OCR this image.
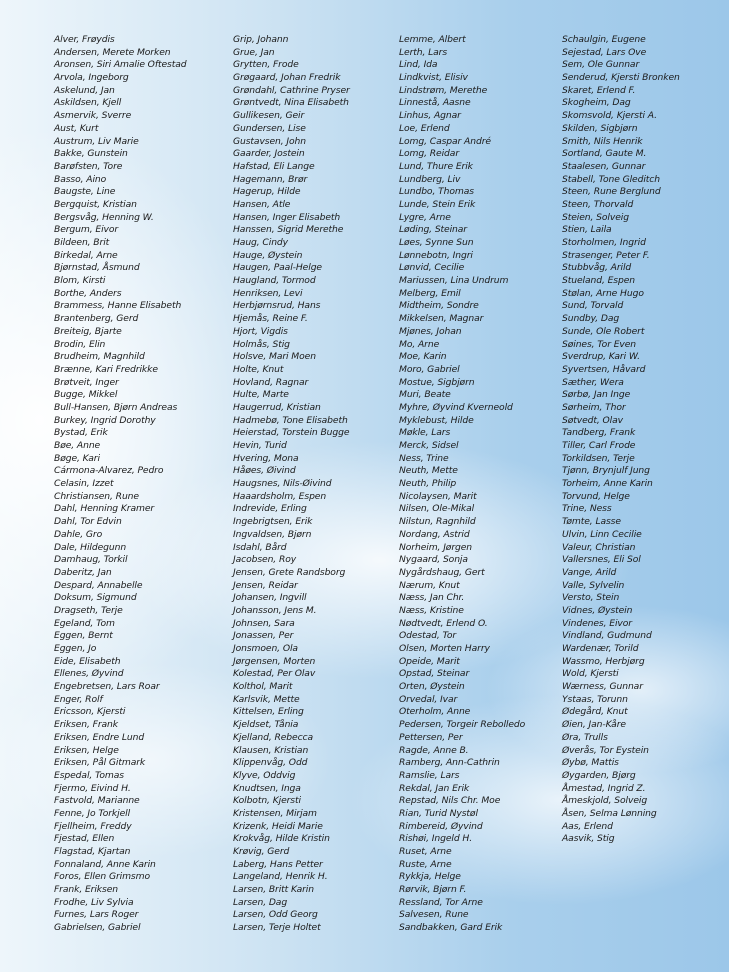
Alver, Frøydis
Andersen, Merete Morken
Aronsen, Siri Amalie Oftestad
Arvola, Ingeborg
Askelund, Jan
Askildsen, Kjell
Asmervik, Sverre
Aust, Kurt
Austrum, Liv Marie
Bakke, Gunstein
Barøfsten, Tore
Basso, Aino
Baugste, Line
Bergquist, Kristian
Bergsvåg, Henning W.
Bergum, Eivor
Bildeen, Brit
Birkedal, Arne
Bjørnstad, Åsmund
Blom, Kirsti
Borthe, Anders
Brammess, Hanne Elisabeth
Brantenberg, Gerd
Breiteig, Bjarte
Brodin, Elin
Brudheim, Magnhild
Brænne, Kari Fredrikke
Brøtveit, Inger
Bugge, Mikkel
Bull-Hansen, Bjørn Andreas
Burkey, Ingrid Dorothy
Bystad, Erik
Bøe, Anne
Bøge, Kari
Cármona-Alvarez, Pedro
Celasin, Izzet
Christiansen, Rune
Dahl, Henning Kramer
Dahl, Tor Edvin
Dahle, Gro
Dale, Hildegunn
Damhaug, Torkil
Daberitz, Jan
Despard, Annabelle
Doksum, Sigmund
Dragseth, Terje
Egeland, Tom
Eggen, Bernt
Eggen, Jo
Eide, Elisabeth
Ellenes, Øyvind
Engebretsen, Lars Roar
Enger, Rolf
Ericsson, Kjersti
Eriksen, Frank
Eriksen, Endre Lund
Eriksen, Helge
Eriksen, Pål Gitmark
Espedal, Tomas
Fjermo, Eivind H.
Fastvold, Marianne
Fenne, Jo Torkjell
Fjellheim, Freddy
Fjestad, Ellen
Flagstad, Kjartan
Fonnaland, Anne Karin
Foros, Ellen Grimsmo
Frank, Eriksen
Frodhe, Liv Sylvia
Furnes, Lars Roger
Gabrielsen, Gabriel
Grip, Johann
Grue, Jan
Grytten, Frode
Grøgaard, Johan Fredrik
Grøndahl, Cathrine Pryser
Grøntvedt, Nina Elisabeth
Gullikesen, Geir
Gundersen, Lise
Gustavsen, John
Gaarder, Jostein
Hafstad, Eli Lange
Hagemann, Brør
Hagerup, Hilde
Hansen, Atle
Hansen, Inger Elisabeth
Hanssen, Sigrid Merethe
Haug, Cindy
Hauge, Øystein
Haugen, Paal-Helge
Haugland, Tormod
Henriksen, Levi
Herbjørnsrud, Hans
Hjemås, Reine F.
Hjort, Vigdis
Holmås, Stig
Holsve, Mari Moen
Holte, Knut
Hovland, Ragnar
Hulte, Marte
Haugerrud, Kristian
Hadmebø, Tone Elisabeth
Heierstad, Torstein Bugge
Hevin, Turid
Hvering, Mona
Håøes, Øivind
Haugsnes, Nils-Øivind
Haaardsholm, Espen
Indrevide, Erling
Ingebrigtsen, Erik
Ingvaldsen, Bjørn
Isdahl, Bård
Jacobsen, Roy
Jensen, Grete Randsborg
Jensen, Reidar
Johansen, Ingvill
Johansson, Jens M.
Johnsen, Sara
Jonassen, Per
Jonsmoen, Ola
Jørgensen, Morten
Kolestad, Per Olav
Kolthol, Marit
Karlsvik, Mette
Kittelsen, Erling
Kjeldset, Tånia
Kjelland, Rebecca
Klausen, Kristian
Klippenvåg, Odd
Klyve, Oddvig
Knudtsen, Inga
Kolbotn, Kjersti
Kristensen, Mirjam
Krizenk, Heidi Marie
Krokvåg, Hilde Kristin
Krøvig, Gerd
Laberg, Hans Petter
Langeland, Henrik H.
Larsen, Britt Karin
Larsen, Dag
Larsen, Odd Georg
Larsen, Terje Holtet
Lemme, Albert
Lerth, Lars
Lind, Ida
Lindkvist, Elisiv
Lindstrøm, Merethe
Linnestå, Aasne
Linhus, Agnar
Loe, Erlend
Lomg, Caspar André
Lomg, Reidar
Lund, Thure Erik
Lundberg, Liv
Lundbo, Thomas
Lunde, Stein Erik
Lygre, Arne
Løding, Steinar
Løes, Synne Sun
Lønnebotn, Ingri
Lønvid, Cecilie
Mariussen, Lina Undrum
Melberg, Emil
Midtheim, Sondre
Mikkelsen, Magnar
Mjønes, Johan
Mo, Arne
Moe, Karin
Moro, Gabriel
Mostue, Sigbjørn
Muri, Beate
Myhre, Øyvind Kverneold
Myklebust, Hilde
Møkle, Lars
Merck, Sidsel
Ness, Trine
Neuth, Mette
Neuth, Philip
Nicolaysen, Marit
Nilsen, Ole-Mikal
Nilstun, Ragnhild
Nordang, Astrid
Norheim, Jørgen
Nygaard, Sonja
Nygårdshaug, Gert
Nærum, Knut
Næss, Jan Chr.
Næss, Kristine
Nødtvedt, Erlend O.
Odestad, Tor
Olsen, Morten Harry
Opeide, Marit
Opstad, Steinar
Orten, Øystein
Orvedal, Ivar
Oterholm, Anne
Pedersen, Torgeir Rebolledo
Pettersen, Per
Ragde, Anne B.
Ramberg, Ann-Cathrin
Ramslie, Lars
Rekdal, Jan Erik
Repstad, Nils Chr. Moe
Rian, Turid Nystøl
Rimbereid, Øyvind
Rishøi, Ingeld H.
Ruset, Arne
Ruste, Arne
Rykkja, Helge
Rørvik, Bjørn F.
Ressland, Tor Arne
Salvesen, Rune
Sandbakken, Gard Erik
Schaulgin, Eugene
Sejestad, Lars Ove
Sem, Ole Gunnar
Senderud, Kjersti Bronken
Skaret, Erlend F.
Skogheim, Dag
Skomsvold, Kjersti A.
Skilden, Sigbjørn
Smith, Nils Henrik
Sortland, Gaute M.
Staalesen, Gunnar
Stabell, Tone Gleditch
Steen, Rune Berglund
Steen, Thorvald
Steien, Solveig
Stien, Laila
Storholmen, Ingrid
Strasenger, Peter F.
Stubbvåg, Arild
Stueland, Espen
Stølan, Arne Hugo
Sund, Torvald
Sundby, Dag
Sunde, Ole Robert
Søines, Tor Even
Sverdrup, Kari W.
Syvertsen, Håvard
Sæther, Wera
Sørbø, Jan Inge
Sørheim, Thor
Søtvedt, Olav
Tandberg, Frank
Tiller, Carl Frode
Torkildsen, Terje
Tjønn, Brynjulf Jung
Torheim, Anne Karin
Torvund, Helge
Trine, Ness
Tømte, Lasse
Ulvin, Linn Cecilie
Valeur, Christian
Vallersnes, Eli Sol
Vange, Arild
Valle, Sylvelin
Versto, Stein
Vidnes, Øystein
Vindenes, Eivor
Vindland, Gudmund
Wardenær, Torild
Wassmo, Herbjørg
Wold, Kjersti
Wærness, Gunnar
Ystaas, Torunn
Ødegård, Knut
Øien, Jan-Kåre
Øra, Trulls
Øverås, Tor Eystein
Øybø, Mattis
Øygarden, Bjørg
Åmestad, Ingrid Z.
Åmeskjold, Solveig
Åsen, Selma Lønning
Aas, Erlend
Aasvik, Stig
